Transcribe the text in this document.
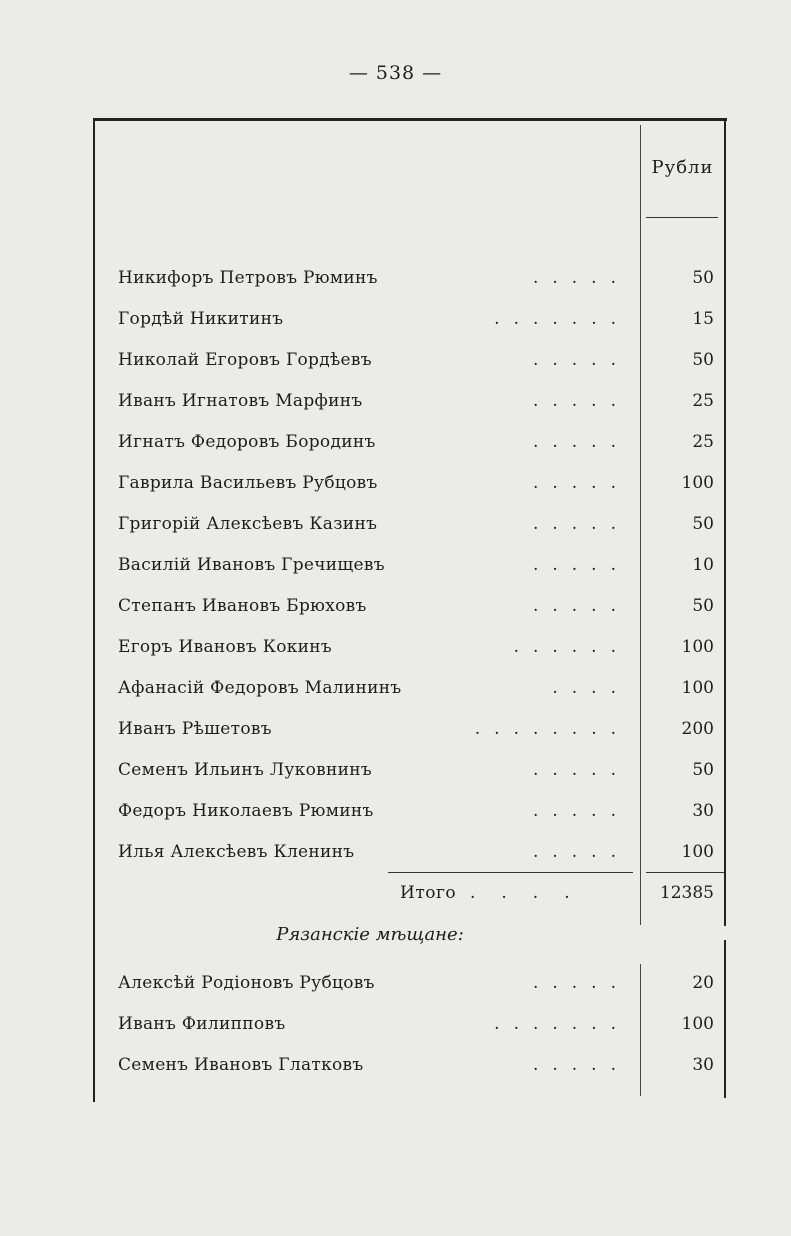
— 538 —
Рубли
Никифоръ Петровъ Рюминъ	.....	50
Гордѣй Никитинъ	.......	15
Николай Егоровъ Гордѣевъ	.....	50
Иванъ Игнатовъ Марфинъ	.....	25
Игнатъ Федоровъ Бородинъ	.....	25
Гаврила Васильевъ Рубцовъ	.....	100
Григорій Алексѣевъ Казинъ	.....	50
Василій Ивановъ Гречищевъ	.....	10
Степанъ Ивановъ Брюховъ	.....	50
Егоръ Ивановъ Кокинъ	......	100
Афанасій Федоровъ Малининъ	....	100
Иванъ Рѣшетовъ	........	200
Семенъ Ильинъ Луковнинъ	.....	50
Федоръ Николаевъ Рюминъ	.....	30
Илья Алексѣевъ Кленинъ	.....	100
Итого ....	12385
Рязанскіе мѣщане:
Алексѣй Родіоновъ Рубцовъ	.....	20
Иванъ Филипповъ	.......	100
Семенъ Ивановъ Глатковъ	.....	30
